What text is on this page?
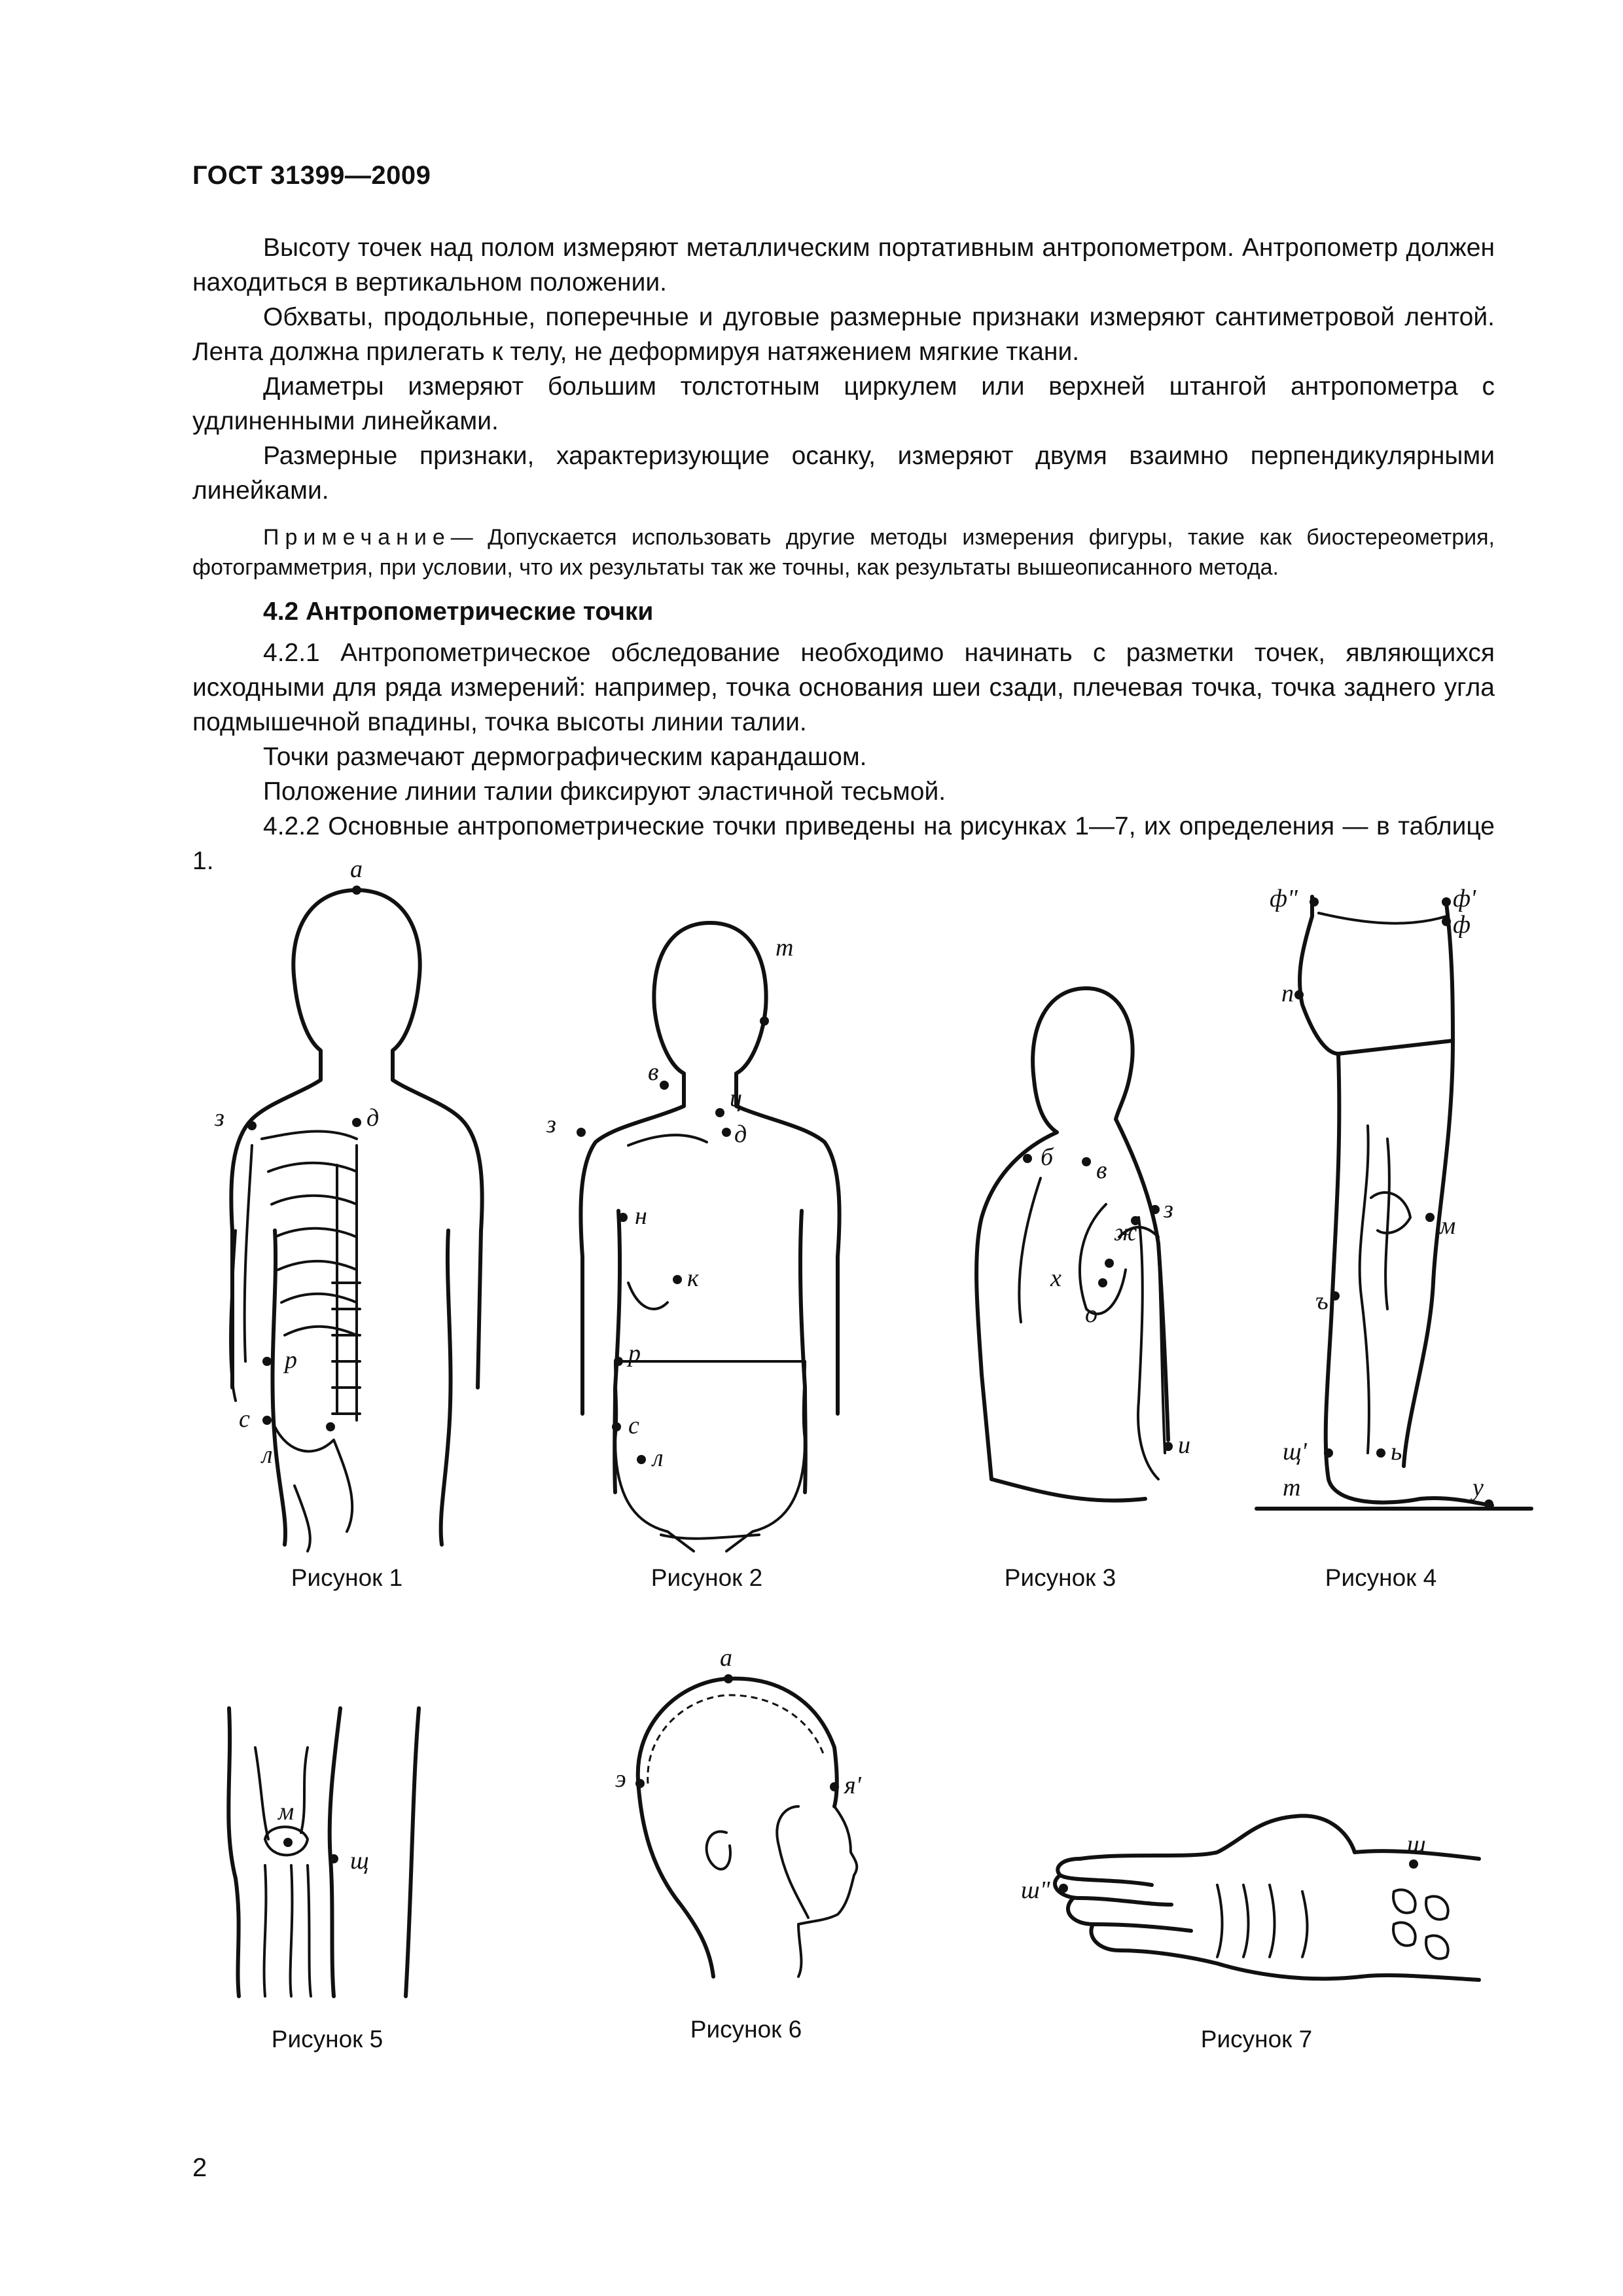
ГОСТ 31399—2009

Высоту точек над полом измеряют металлическим портативным антропометром. Антропометр должен находиться в вертикальном положении.

Обхваты, продольные, поперечные и дуговые размерные признаки измеряют сантиметровой лентой. Лента должна прилегать к телу, не деформируя натяжением мягкие ткани.

Диаметры измеряют большим толстотным циркулем или верхней штангой антропометра с удлиненными линейками.

Размерные признаки, характеризующие осанку, измеряют двумя взаимно перпендикулярными линейками.

Примечание— Допускается использовать другие методы измерения фигуры, такие как биостереометрия, фотограмметрия, при условии, что их результаты так же точны, как результаты вышеописанного метода.

4.2 Антропометрические точки

4.2.1 Антропометрическое обследование необходимо начинать с разметки точек, являющихся исходными для ряда измерений: например, точка основания шеи сзади, плечевая точка, точка заднего угла подмышечной впадины, точка высоты линии талии.

Точки размечают дермографическим карандашом.

Положение линии талии фиксируют эластичной тесьмой.

4.2.2 Основные антропометрические точки приведены на рисунках 1—7, их определения — в таблице 1.	а
з	д
р
с
л
Рисунок 1
т
в
з
ц
д
н
к
р
с
л
Рисунок 2
б в
з
ж
х
о
и
Рисунок 3
ф"	ф'
ф
п
м
ъ
щ'	ы
т	у
Рисунок 4
м
щ
Рисунок 5
а
э	я'
Рисунок 6
ш
ш"
Рисунок 7
2
